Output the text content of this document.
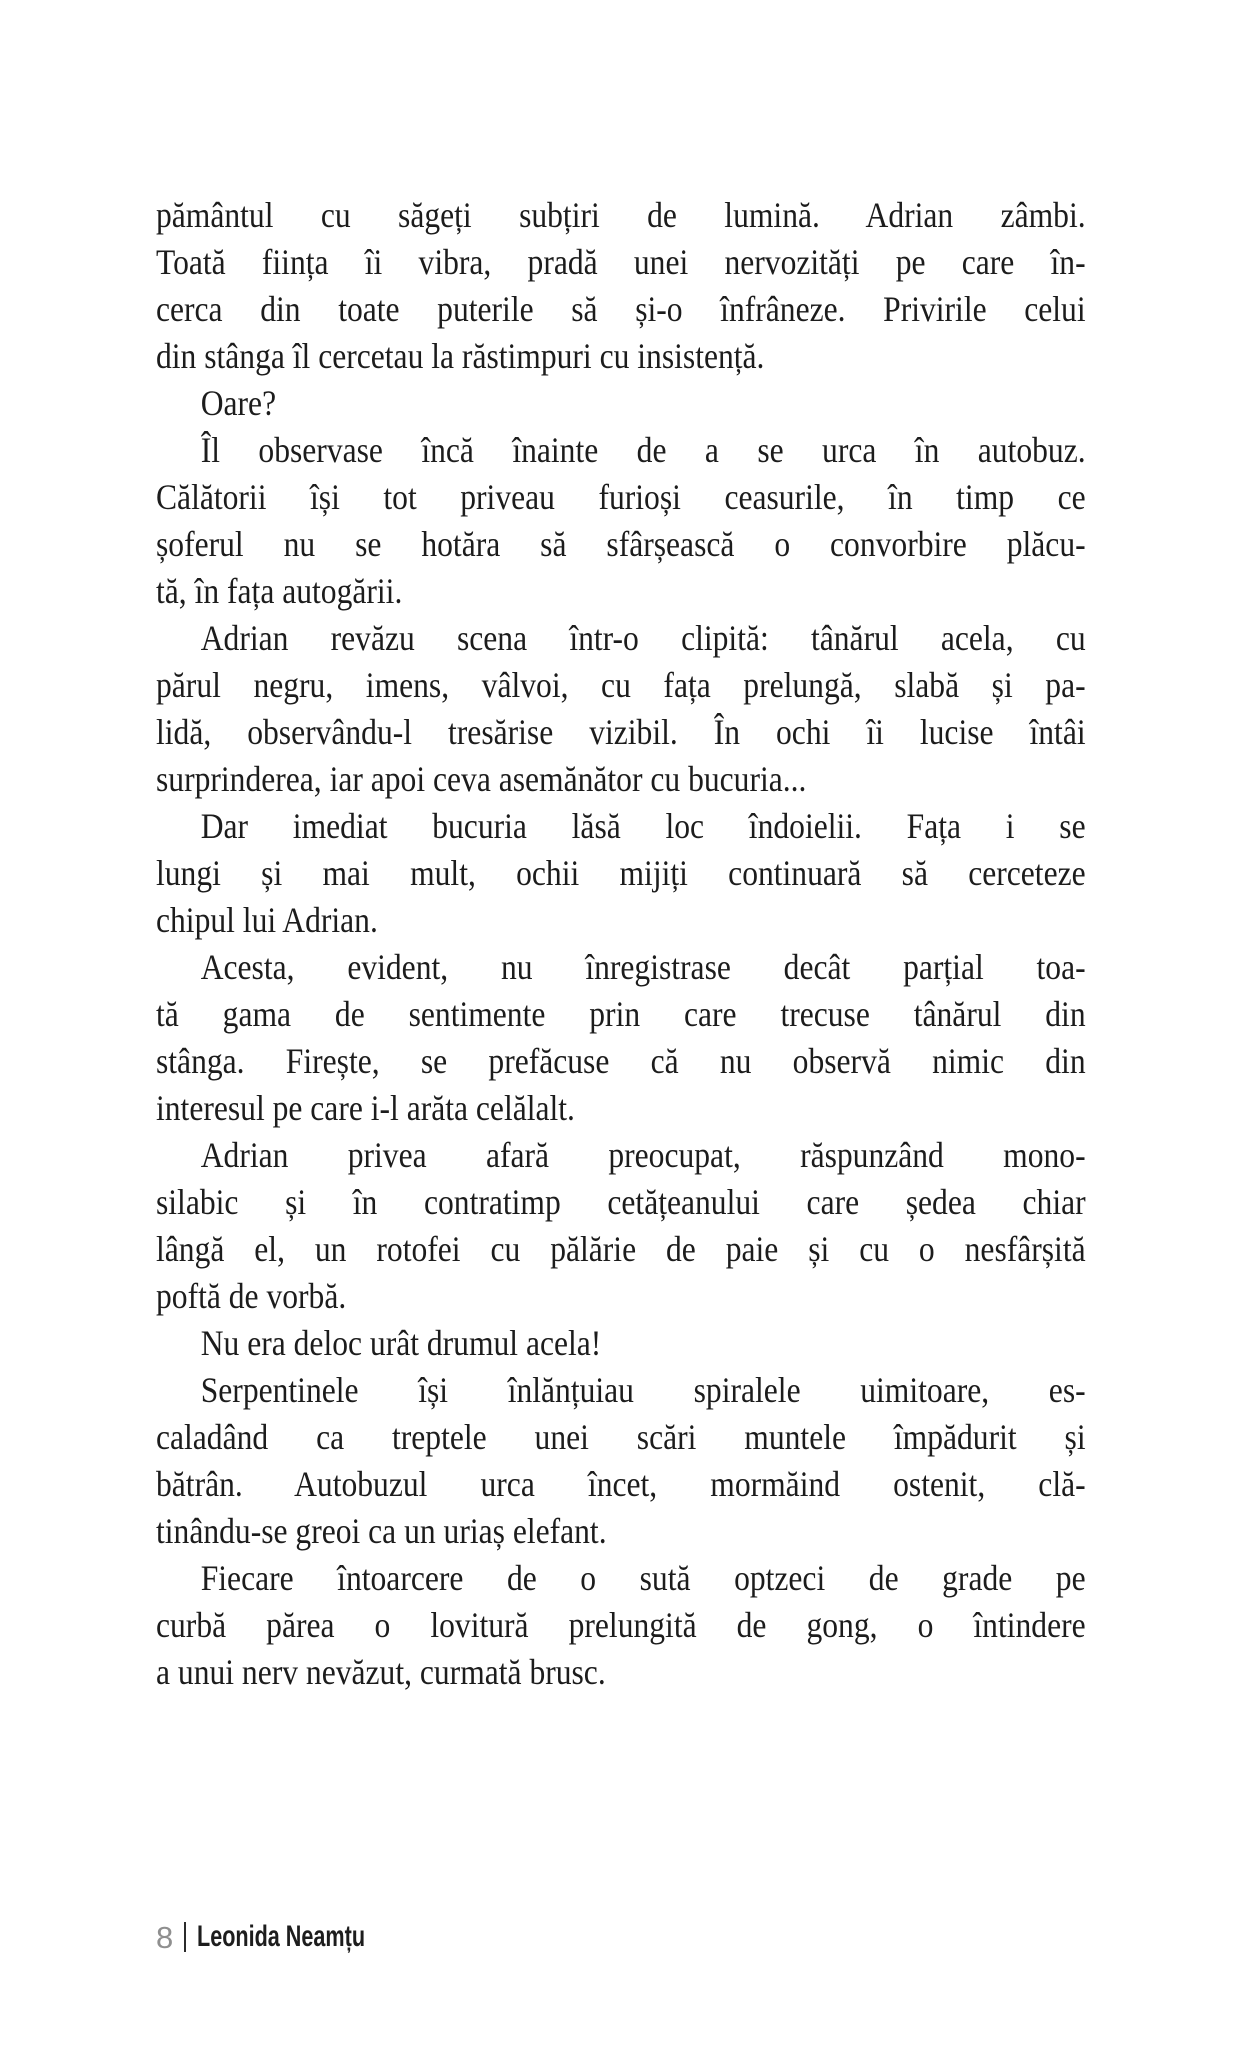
pământul cu săgeți subțiri de lumină. Adrian zâmbi.
Toată ființa îi vibra, pradă unei nervozități pe care în-
cerca din toate puterile să și-o înfrâneze. Privirile celui
din stânga îl cercetau la răstimpuri cu insistență.
Oare?
Îl observase încă înainte de a se urca în autobuz.
Călătorii își tot priveau furioși ceasurile, în timp ce
șoferul nu se hotăra să sfârșească o convorbire plăcu-
tă, în fața autogării.
Adrian revăzu scena într-o clipită: tânărul acela, cu
părul negru, imens, vâlvoi, cu fața prelungă, slabă și pa-
lidă, observându-l tresărise vizibil. În ochi îi lucise întâi
surprinderea, iar apoi ceva asemănător cu bucuria...
Dar imediat bucuria lăsă loc îndoielii. Fața i se
lungi și mai mult, ochii mijiți continuară să cerceteze
chipul lui Adrian.
Acesta, evident, nu înregistrase decât parțial toa-
tă gama de sentimente prin care trecuse tânărul din
stânga. Firește, se prefăcuse că nu observă nimic din
interesul pe care i-l arăta celălalt.
Adrian privea afară preocupat, răspunzând mono-
silabic și în contratimp cetățeanului care ședea chiar
lângă el, un rotofei cu pălărie de paie și cu o nesfârșită
poftă de vorbă.
Nu era deloc urât drumul acela!
Serpentinele își înlănțuiau spiralele uimitoare, es-
caladând ca treptele unei scări muntele împădurit și
bătrân. Autobuzul urca încet, mormăind ostenit, clă-
tinându-se greoi ca un uriaș elefant.
Fiecare întoarcere de o sută optzeci de grade pe
curbă părea o lovitură prelungită de gong, o întindere
a unui nerv nevăzut, curmată brusc.
8 Leonida Neamțu
